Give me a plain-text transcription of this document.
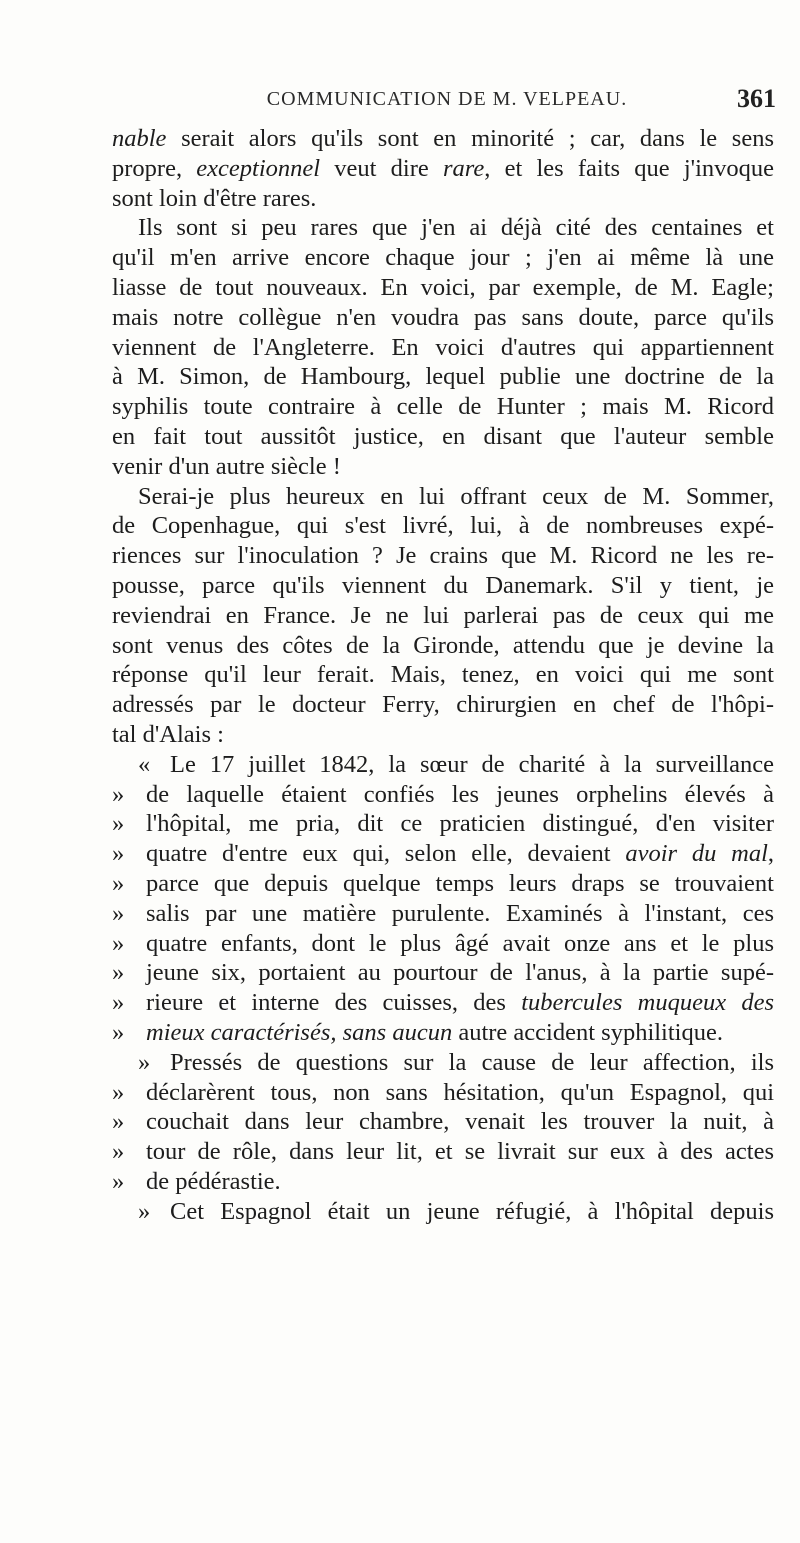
COMMUNICATION DE M. VELPEAU.	361
nable serait alors qu'ils sont en minorité ; car, dans le sens
propre, exceptionnel veut dire rare, et les faits que j'invoque
sont loin d'être rares.
Ils sont si peu rares que j'en ai déjà cité des centaines et
qu'il m'en arrive encore chaque jour ; j'en ai même là une
liasse de tout nouveaux. En voici, par exemple, de M. Eagle;
mais notre collègue n'en voudra pas sans doute, parce qu'ils
viennent de l'Angleterre. En voici d'autres qui appartiennent
à M. Simon, de Hambourg, lequel publie une doctrine de la
syphilis toute contraire à celle de Hunter ; mais M. Ricord
en fait tout aussitôt justice, en disant que l'auteur semble
venir d'un autre siècle !
Serai-je plus heureux en lui offrant ceux de M. Sommer,
de Copenhague, qui s'est livré, lui, à de nombreuses expé-
riences sur l'inoculation ? Je crains que M. Ricord ne les re-
pousse, parce qu'ils viennent du Danemark. S'il y tient, je
reviendrai en France. Je ne lui parlerai pas de ceux qui me
sont venus des côtes de la Gironde, attendu que je devine la
réponse qu'il leur ferait. Mais, tenez, en voici qui me sont
adressés par le docteur Ferry, chirurgien en chef de l'hôpi-
tal d'Alais :
« Le 17 juillet 1842, la sœur de charité à la surveillance
» de laquelle étaient confiés les jeunes orphelins élevés à
» l'hôpital, me pria, dit ce praticien distingué, d'en visiter
» quatre d'entre eux qui, selon elle, devaient avoir du mal,
» parce que depuis quelque temps leurs draps se trouvaient
» salis par une matière purulente. Examinés à l'instant, ces
» quatre enfants, dont le plus âgé avait onze ans et le plus
» jeune six, portaient au pourtour de l'anus, à la partie supé-
» rieure et interne des cuisses, des tubercules muqueux des
» mieux caractérisés, sans aucun autre accident syphilitique.
» Pressés de questions sur la cause de leur affection, ils
» déclarèrent tous, non sans hésitation, qu'un Espagnol, qui
» couchait dans leur chambre, venait les trouver la nuit, à
» tour de rôle, dans leur lit, et se livrait sur eux à des actes
» de pédérastie.
» Cet Espagnol était un jeune réfugié, à l'hôpital depuis
